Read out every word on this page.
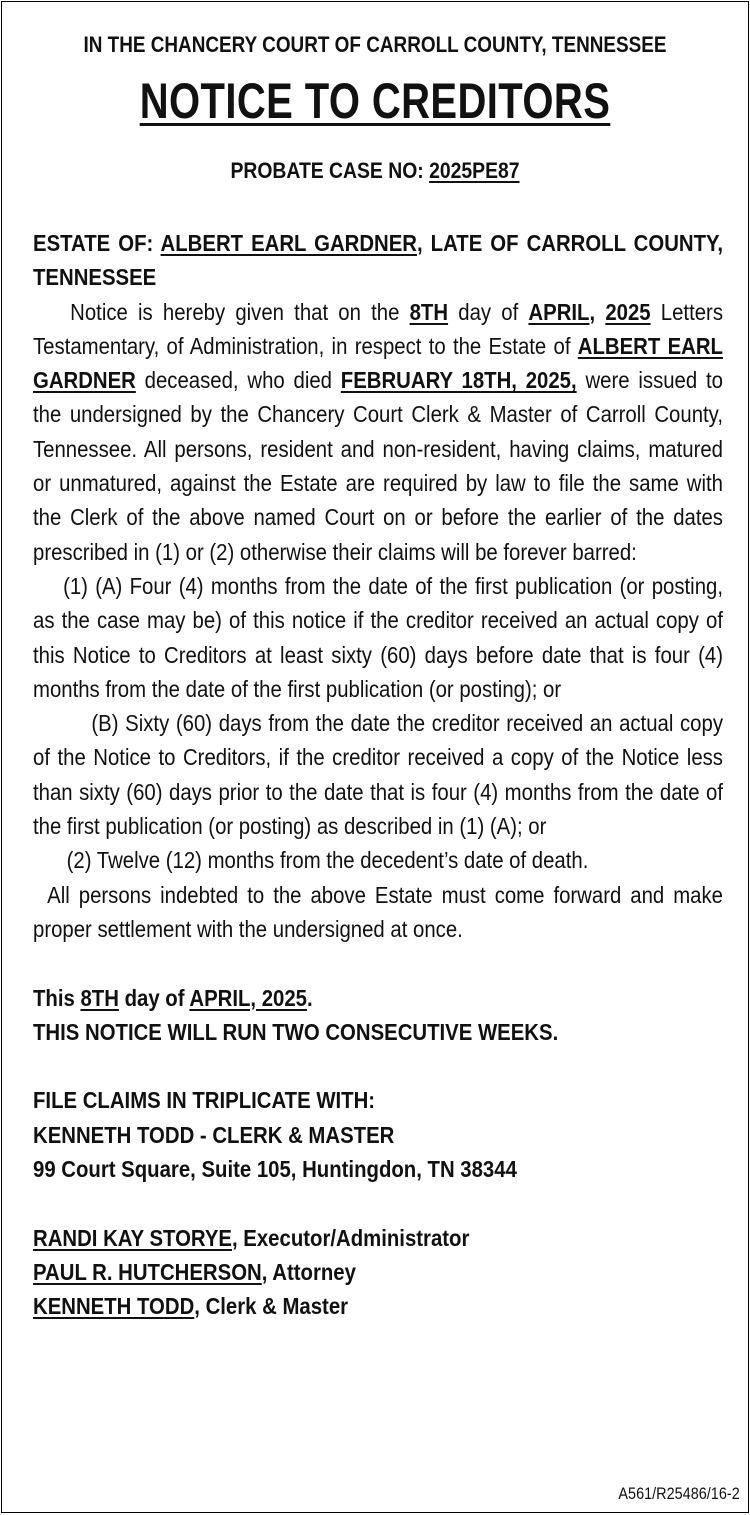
IN THE CHANCERY COURT OF CARROLL COUNTY, TENNESSEE
NOTICE TO CREDITORS
PROBATE CASE NO: 2025PE87

ESTATE OF: ALBERT EARL GARDNER, LATE OF CARROLL COUNTY, TENNESSEE

Notice is hereby given that on the 8TH day of APRIL, 2025 Letters Testamentary, of Administration, in respect to the Estate of ALBERT EARL GARDNER deceased, who died FEBRUARY 18TH, 2025, were issued to the undersigned by the Chancery Court Clerk & Master of Carroll County, Tennessee. All persons, resident and non-resident, having claims, matured or unmatured, against the Estate are required by law to file the same with the Clerk of the above named Court on or before the earlier of the dates prescribed in (1) or (2) otherwise their claims will be forever barred:

(1) (A) Four (4) months from the date of the first publication (or posting, as the case may be) of this notice if the creditor received an actual copy of this Notice to Creditors at least sixty (60) days before date that is four (4) months from the date of the first publication (or posting); or

(B) Sixty (60) days from the date the creditor received an actual copy of the Notice to Creditors, if the creditor received a copy of the Notice less than sixty (60) days prior to the date that is four (4) months from the date of the first publication (or posting) as described in (1) (A); or

(2) Twelve (12) months from the decedent’s date of death.

All persons indebted to the above Estate must come forward and make proper settlement with the undersigned at once.

This 8TH day of APRIL, 2025.

THIS NOTICE WILL RUN TWO CONSECUTIVE WEEKS.

FILE CLAIMS IN TRIPLICATE WITH:

KENNETH TODD - CLERK & MASTER

99 Court Square, Suite 105, Huntingdon, TN 38344

RANDI KAY STORYE, Executor/Administrator

PAUL R. HUTCHERSON, Attorney

KENNETH TODD, Clerk & Master

A561/R25486/16-2
